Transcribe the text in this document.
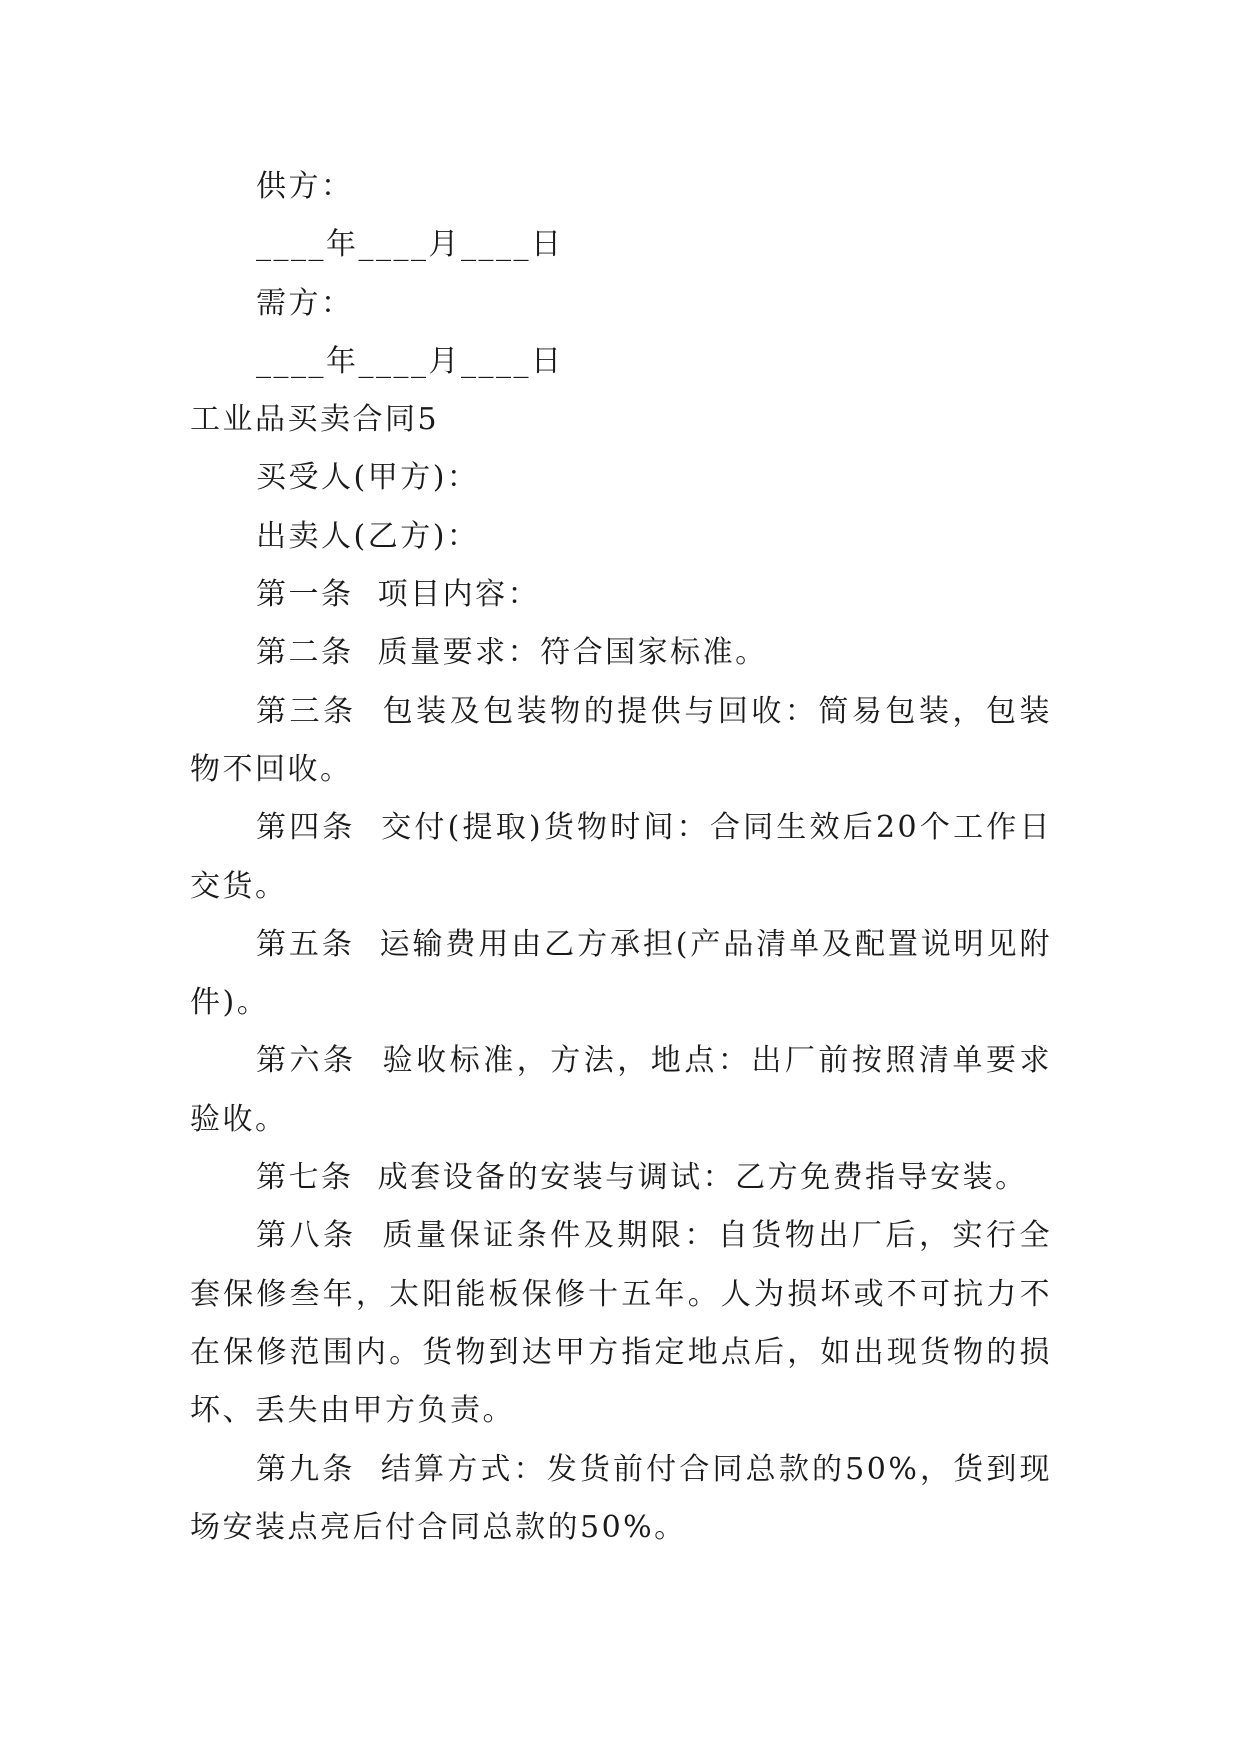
供方：

____年____月____日

需方：

____年____月____日

工业品买卖合同5

买受人(甲方)：

出卖人(乙方)：

第一条  项目内容：

第二条  质量要求：符合国家标准。

第三条  包装及包装物的提供与回收：简易包装，包装物不回收。

第四条  交付(提取)货物时间：合同生效后20个工作日交货。

第五条  运输费用由乙方承担(产品清单及配置说明见附件)。

第六条  验收标准，方法，地点：出厂前按照清单要求验收。

第七条  成套设备的安装与调试：乙方免费指导安装。

第八条  质量保证条件及期限：自货物出厂后，实行全套保修叁年，太阳能板保修十五年。人为损坏或不可抗力不在保修范围内。货物到达甲方指定地点后，如出现货物的损坏、丢失由甲方负责。

第九条  结算方式：发货前付合同总款的50%，货到现场安装点亮后付合同总款的50%。
